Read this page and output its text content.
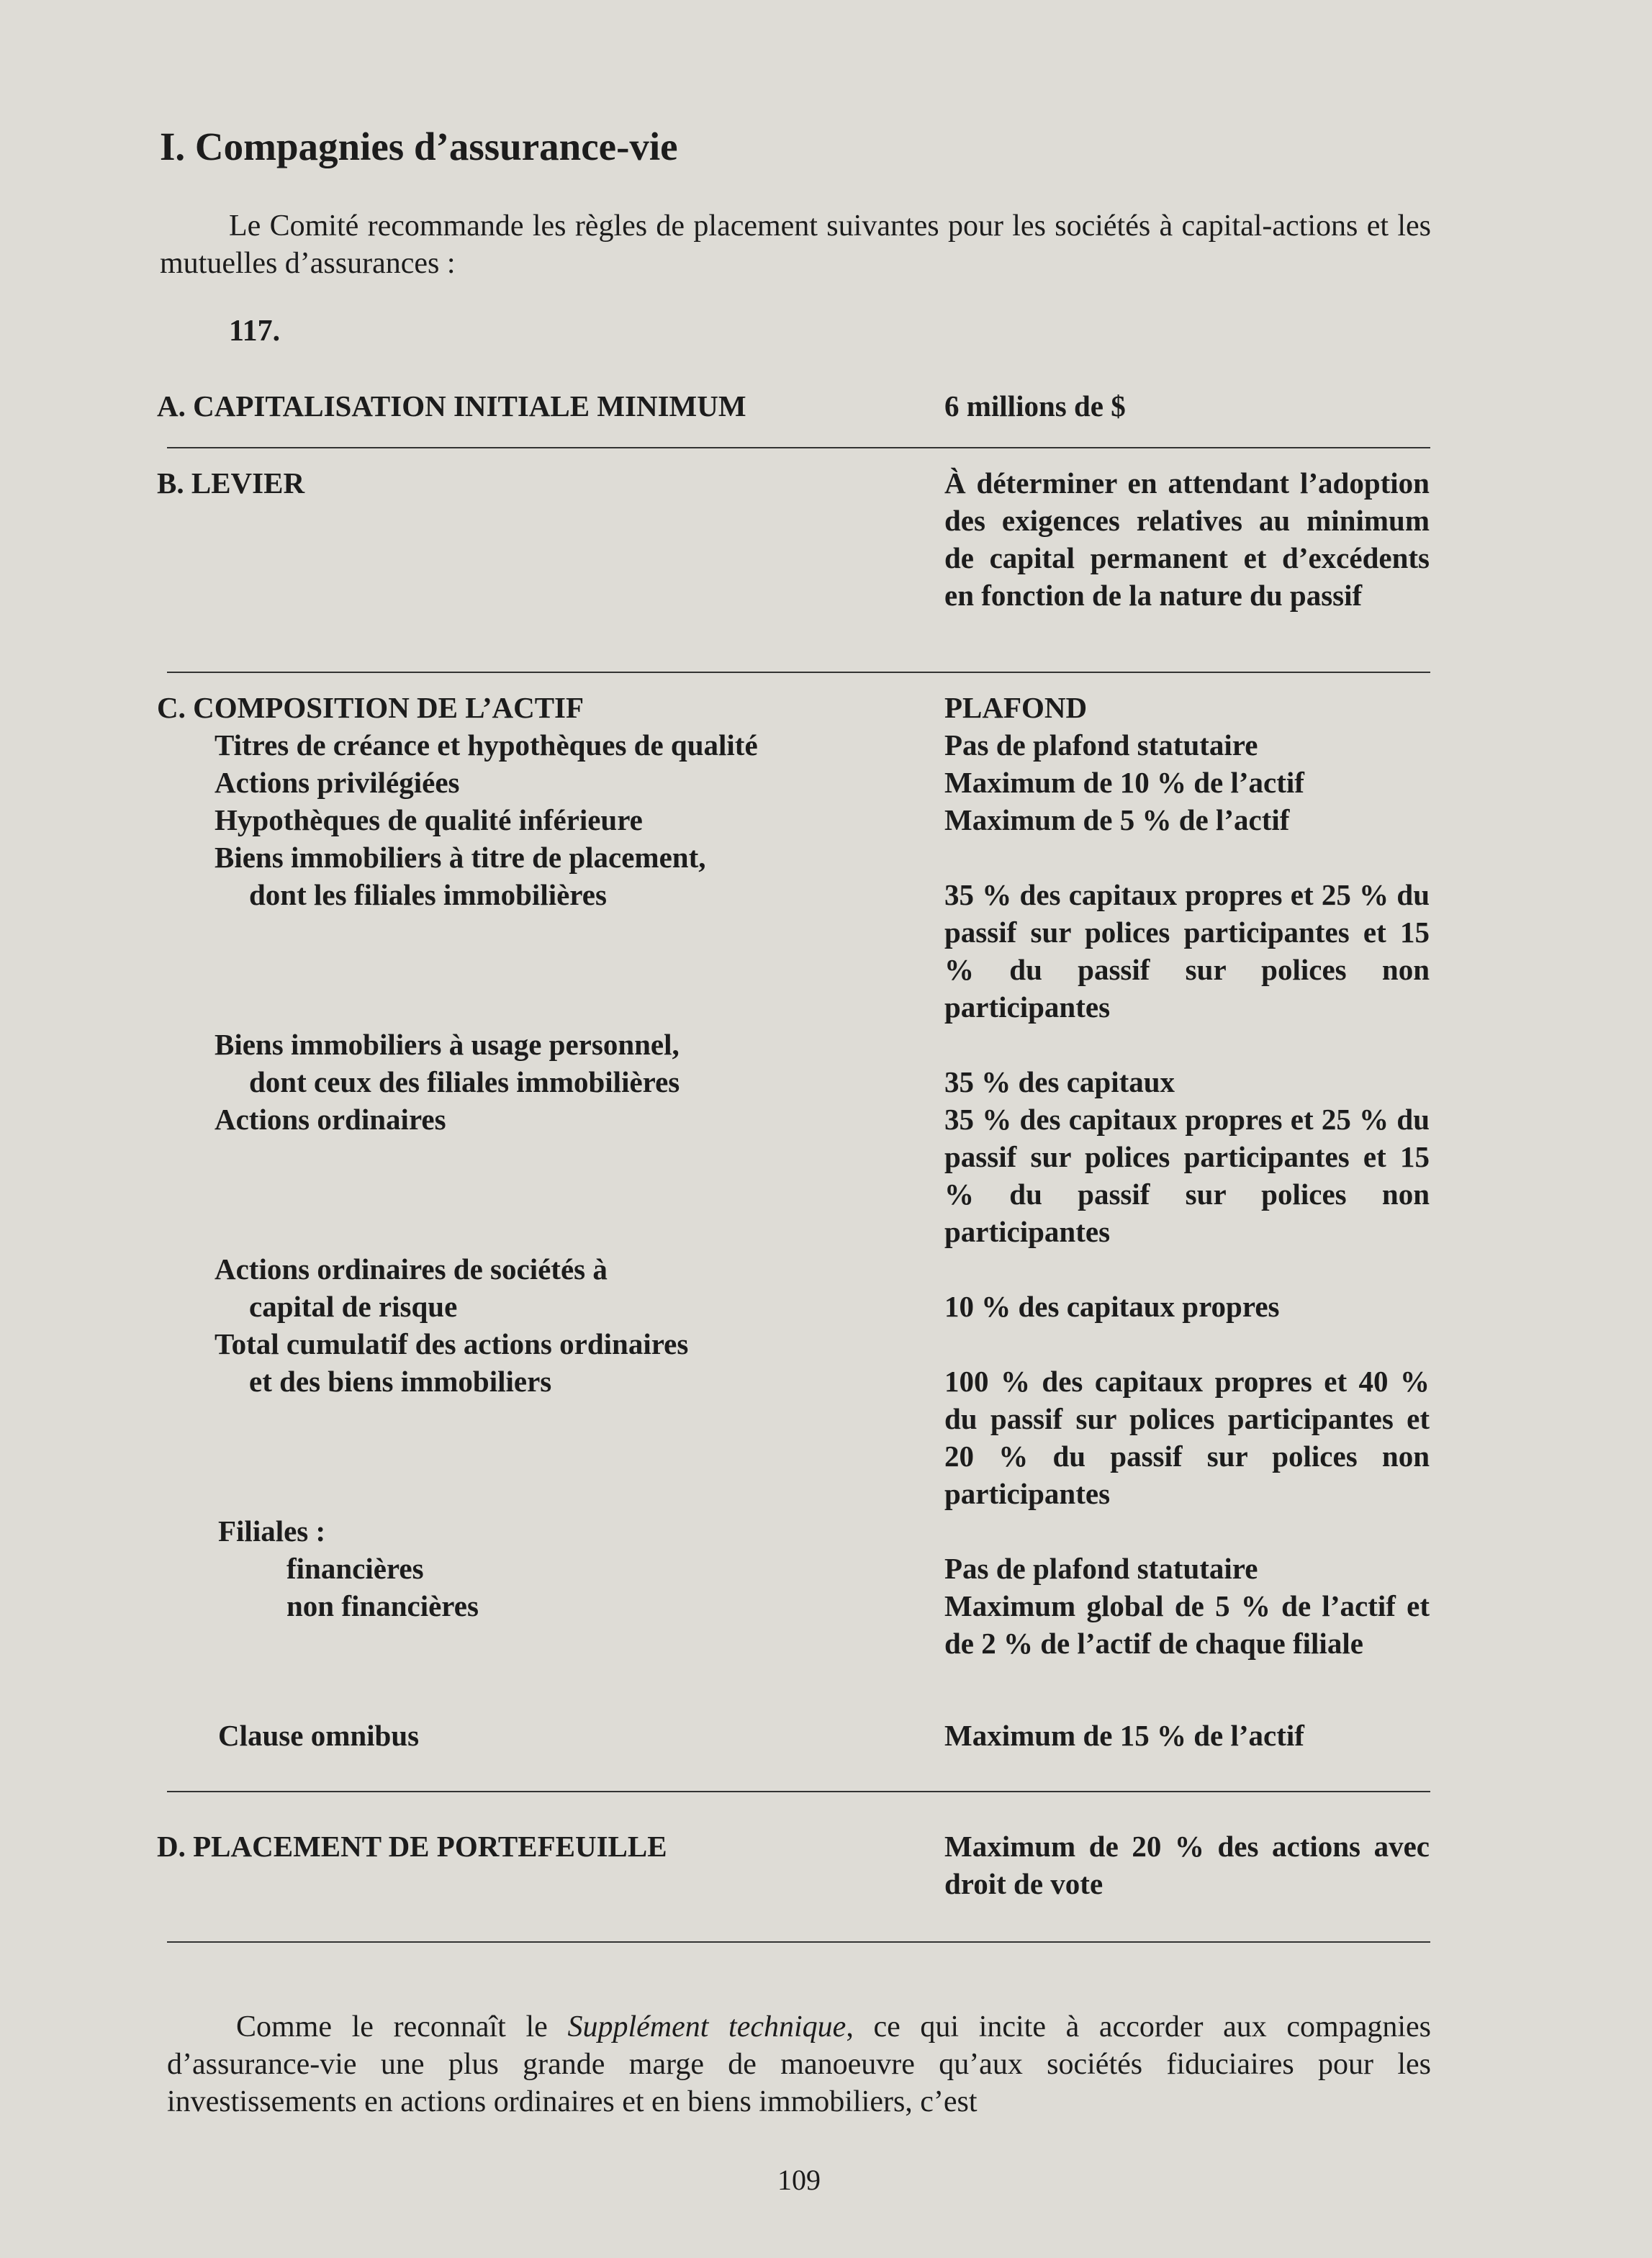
I. Compagnies d’assurance-vie
Le Comité recommande les règles de placement suivantes pour les sociétés à capital-actions et les mutuelles d’assurances :
117.
A. CAPITALISATION INITIALE MINIMUM	6 millions de $
B. LEVIER	À déterminer en attendant l’adoption des exigences relatives au minimum de capital permanent et d’excédents en fonction de la nature du passif
C. COMPOSITION DE L’ACTIF	PLAFOND
Titres de créance et hypothèques de qualité	Pas de plafond statutaire
Actions privilégiées	Maximum de 10 % de l’actif
Hypothèques de qualité inférieure	Maximum de 5 % de l’actif
Biens immobiliers à titre de placement,
dont les filiales immobilières	35 % des capitaux propres et 25 % du passif sur polices participantes et 15 % du passif sur polices non participantes
Biens immobiliers à usage personnel,
dont ceux des filiales immobilières	35 % des capitaux
Actions ordinaires	35 % des capitaux propres et 25 % du passif sur polices participantes et 15 % du passif sur polices non participantes
Actions ordinaires de sociétés à
capital de risque	10 % des capitaux propres
Total cumulatif des actions ordinaires
et des biens immobiliers	100 % des capitaux propres et 40 % du passif sur polices participantes et 20 % du passif sur polices non participantes
Filiales :
financières	Pas de plafond statutaire
non financières	Maximum global de 5 % de l’actif et de 2 % de l’actif de chaque filiale
Clause omnibus	Maximum de 15 % de l’actif
D. PLACEMENT DE PORTEFEUILLE	Maximum de 20 % des actions avec droit de vote
Comme le reconnaît le Supplément technique, ce qui incite à accorder aux compagnies d’assurance-vie une plus grande marge de manoeuvre qu’aux sociétés fiduciaires pour les investissements en actions ordinaires et en biens immobiliers, c’est
109
